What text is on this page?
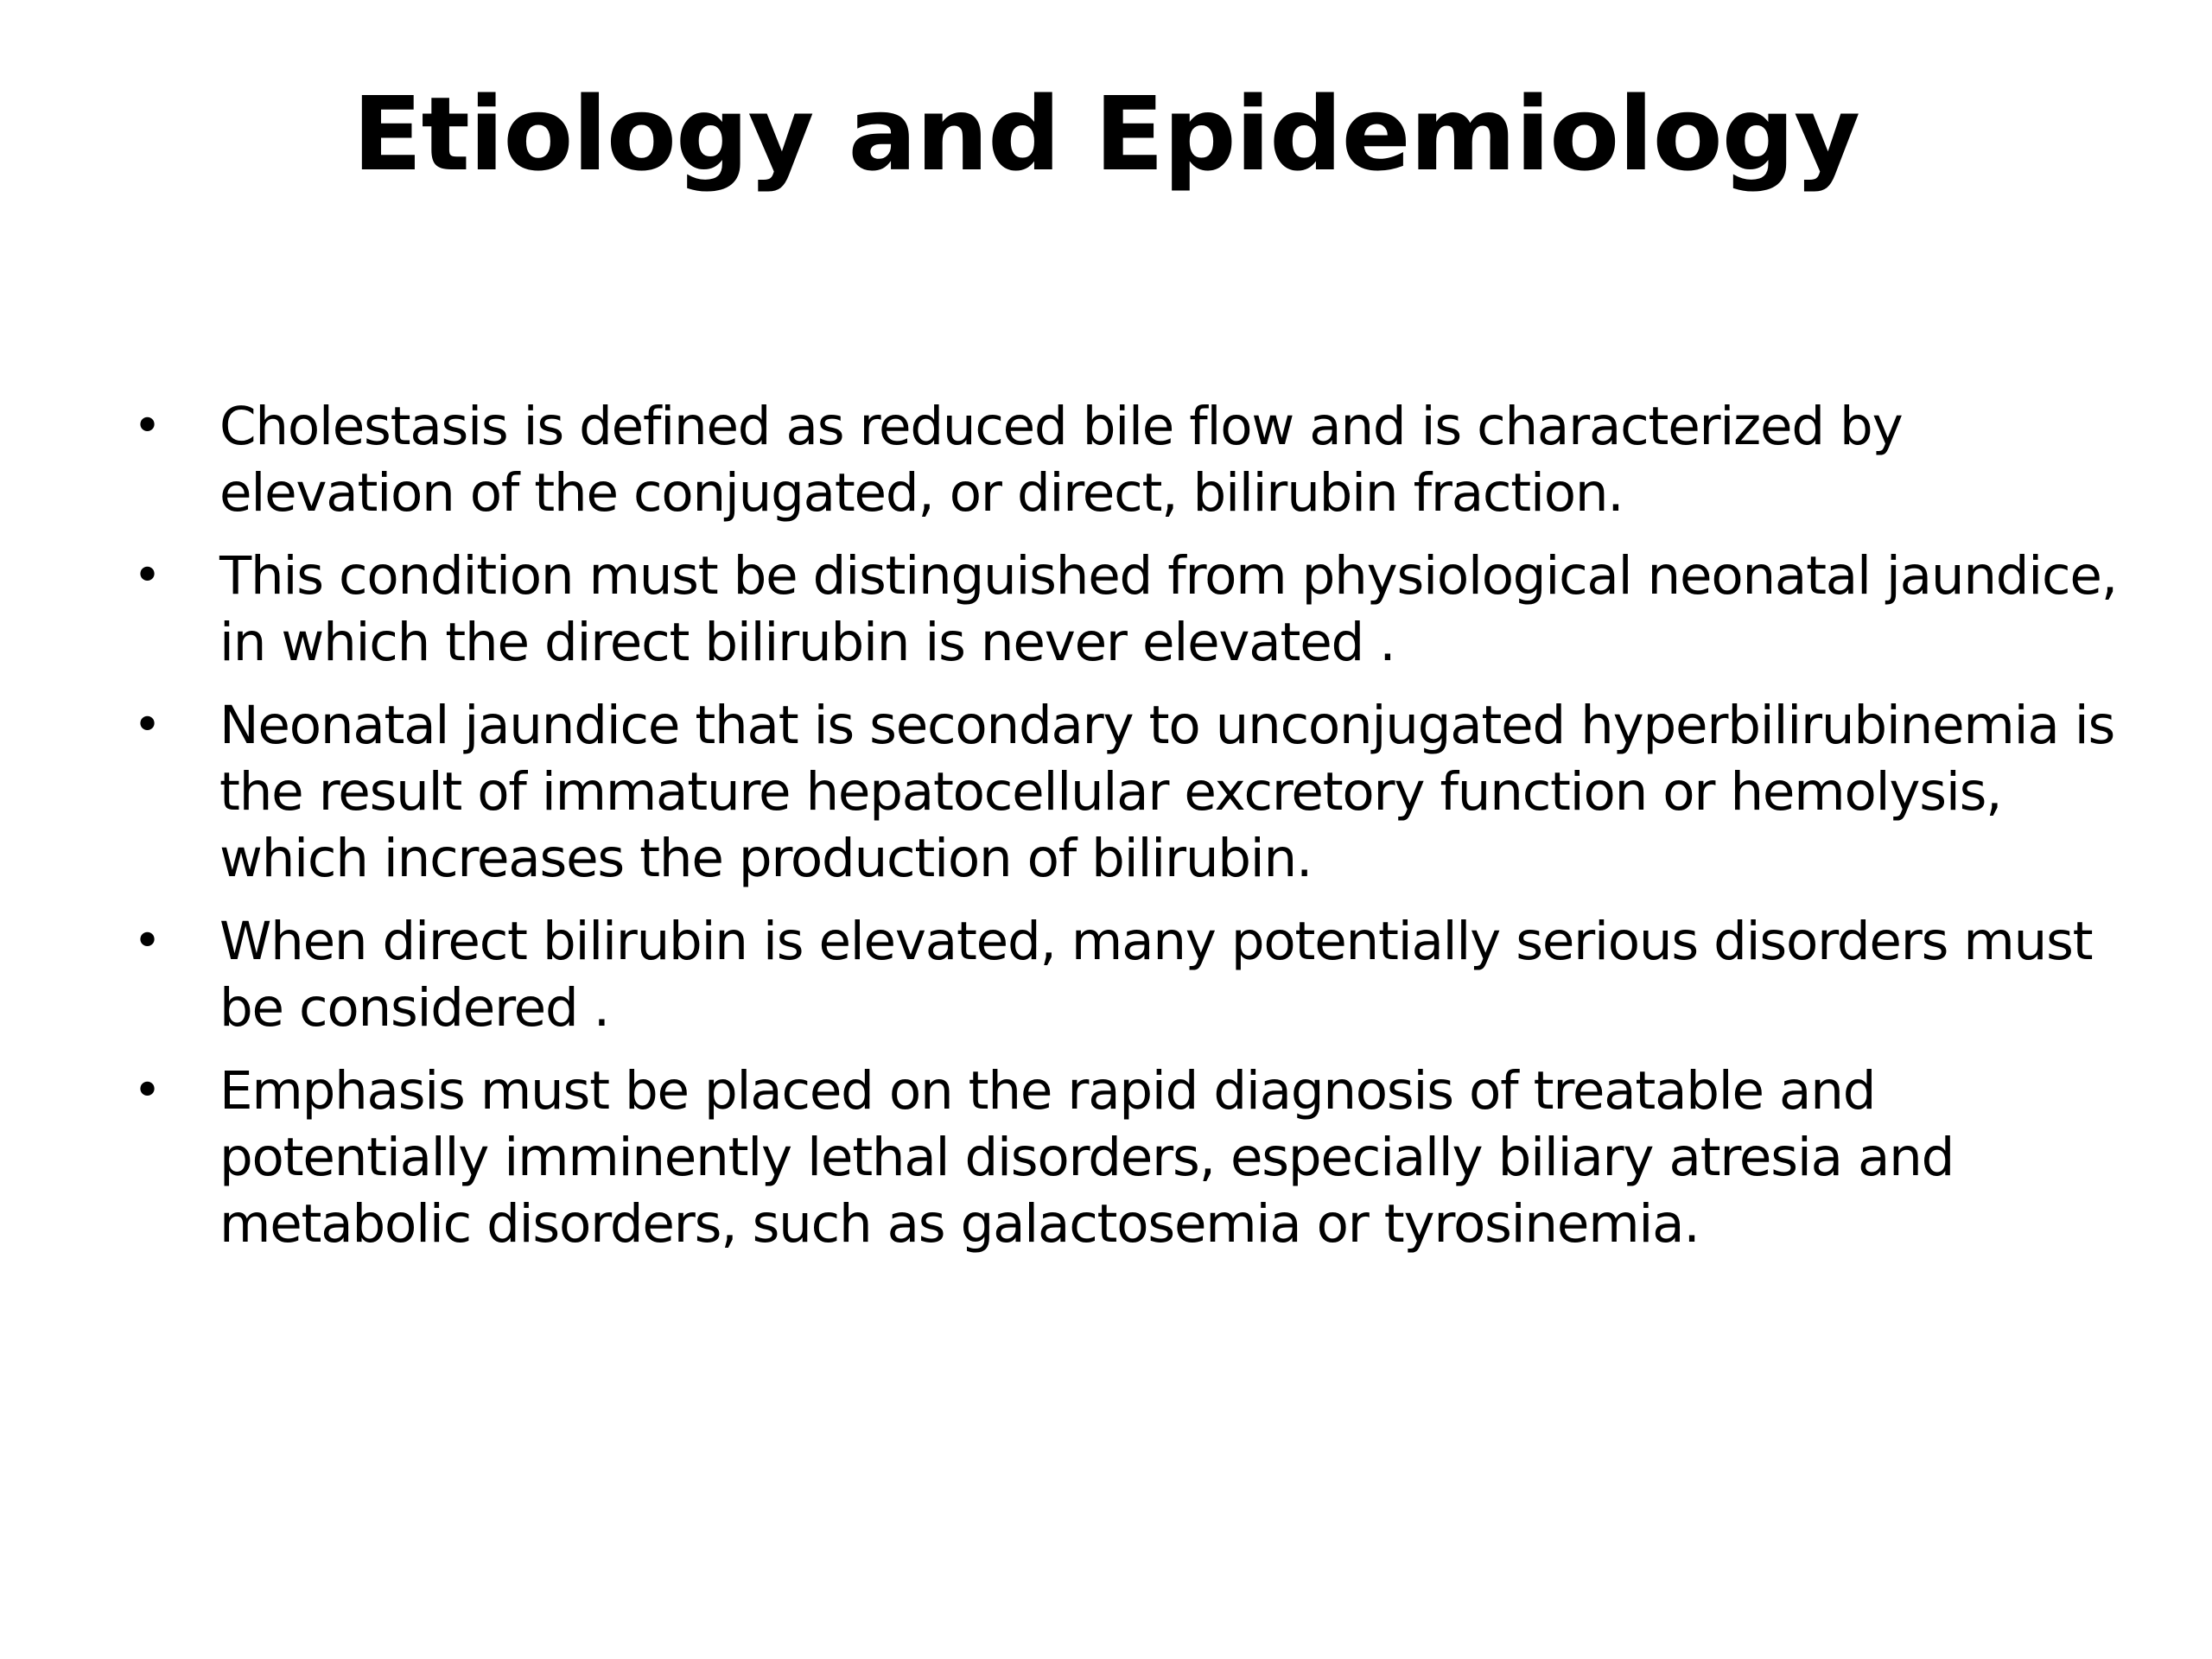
Etiology and Epidemiology
• Cholestasis is defined as reduced bile flow and is characterized by elevation of the conjugated, or direct, bilirubin fraction.
• This condition must be distinguished from physiological neonatal jaundice, in which the direct bilirubin is never elevated .
• Neonatal jaundice that is secondary to unconjugated hyperbilirubinemia is the result of immature hepatocellular excretory function or hemolysis, which increases the production of bilirubin.
• When direct bilirubin is elevated, many potentially serious disorders must be considered .
• Emphasis must be placed on the rapid diagnosis of treatable and potentially imminently lethal disorders, especially biliary atresia and metabolic disorders, such as galactosemia or tyrosinemia.
